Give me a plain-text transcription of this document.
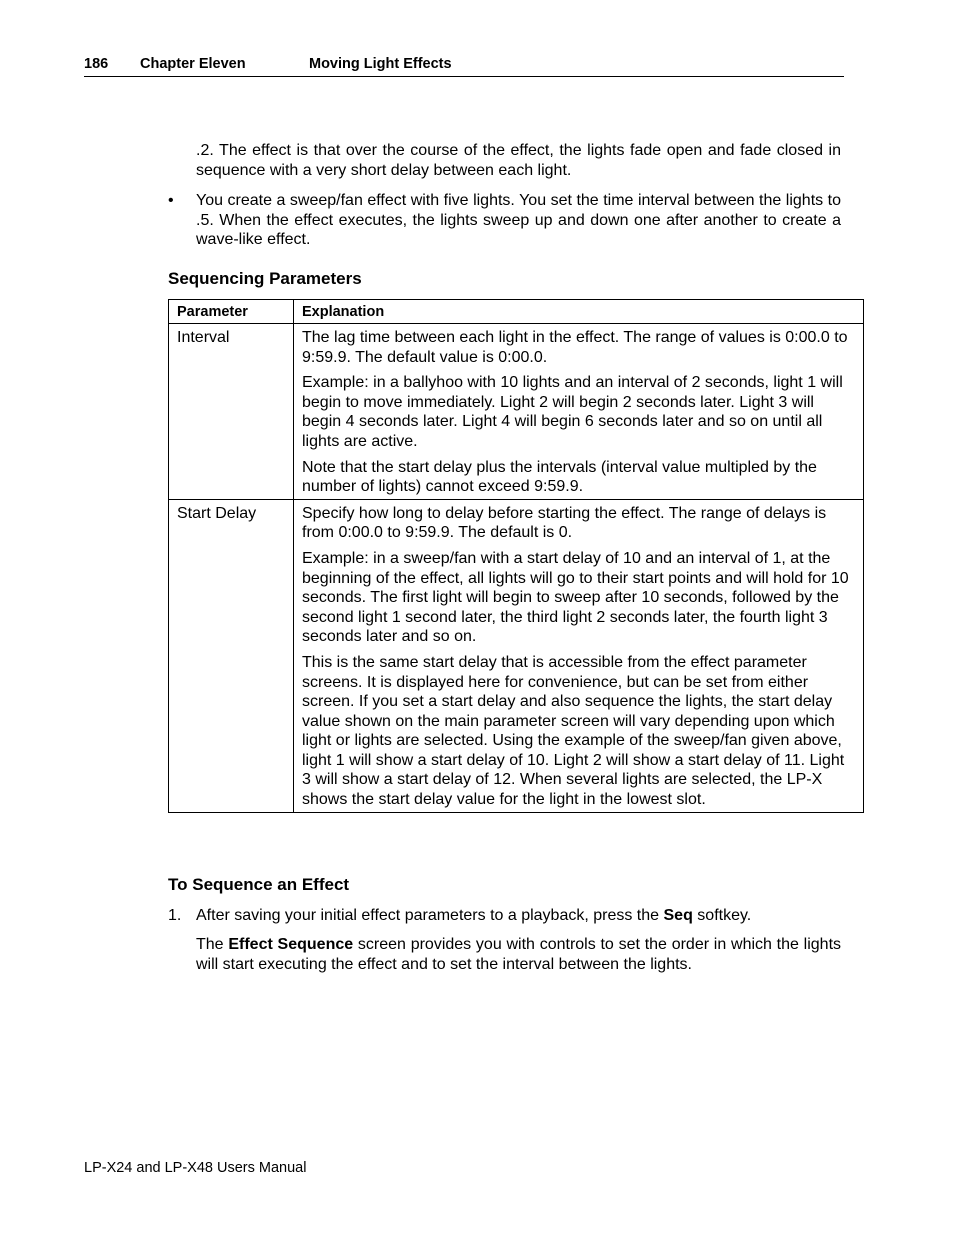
186 Chapter Eleven	Moving Light Effects

.2. The effect is that over the course of the effect, the lights fade open and fade closed in sequence with a very short delay between each light.

• You create a sweep/fan effect with five lights. You set the time interval between the lights to .5. When the effect executes, the lights sweep up and down one after another to create a wave-like effect.

Sequencing Parameters
Parameter	Explanation
Interval	The lag time between each light in the effect. The range of values is 0:00.0 to 9:59.9. The default value is 0:00.0.

Example: in a ballyhoo with 10 lights and an interval of 2 seconds, light 1 will begin to move immediately. Light 2 will begin 2 seconds later. Light 3 will begin 4 seconds later. Light 4 will begin 6 seconds later and so on until all lights are active.

Note that the start delay plus the intervals (interval value multipled by the number of lights) cannot exceed 9:59.9.

Start Delay	Specify how long to delay before starting the effect. The range of delays is from 0:00.0 to 9:59.9. The default is 0.

Example: in a sweep/fan with a start delay of 10 and an interval of 1, at the beginning of the effect, all lights will go to their start points and will hold for 10 seconds. The first light will begin to sweep after 10 seconds, followed by the second light 1 second later, the third light 2 seconds later, the fourth light 3 seconds later and so on.

This is the same start delay that is accessible from the effect parameter screens. It is displayed here for convenience, but can be set from either screen. If you set a start delay and also sequence the lights, the start delay value shown on the main parameter screen will vary depending upon which light or lights are selected. Using the example of the sweep/fan given above, light 1 will show a start delay of 10. Light 2 will show a start delay of 11. Light 3 will show a start delay of 12. When several lights are selected, the LP-X shows the start delay value for the light in the lowest slot.

To Sequence an Effect
1. After saving your initial effect parameters to a playback, press the Seq softkey.

The Effect Sequence screen provides you with controls to set the order in which the lights will start executing the effect and to set the interval between the lights.

LP-X24 and LP-X48 Users Manual
